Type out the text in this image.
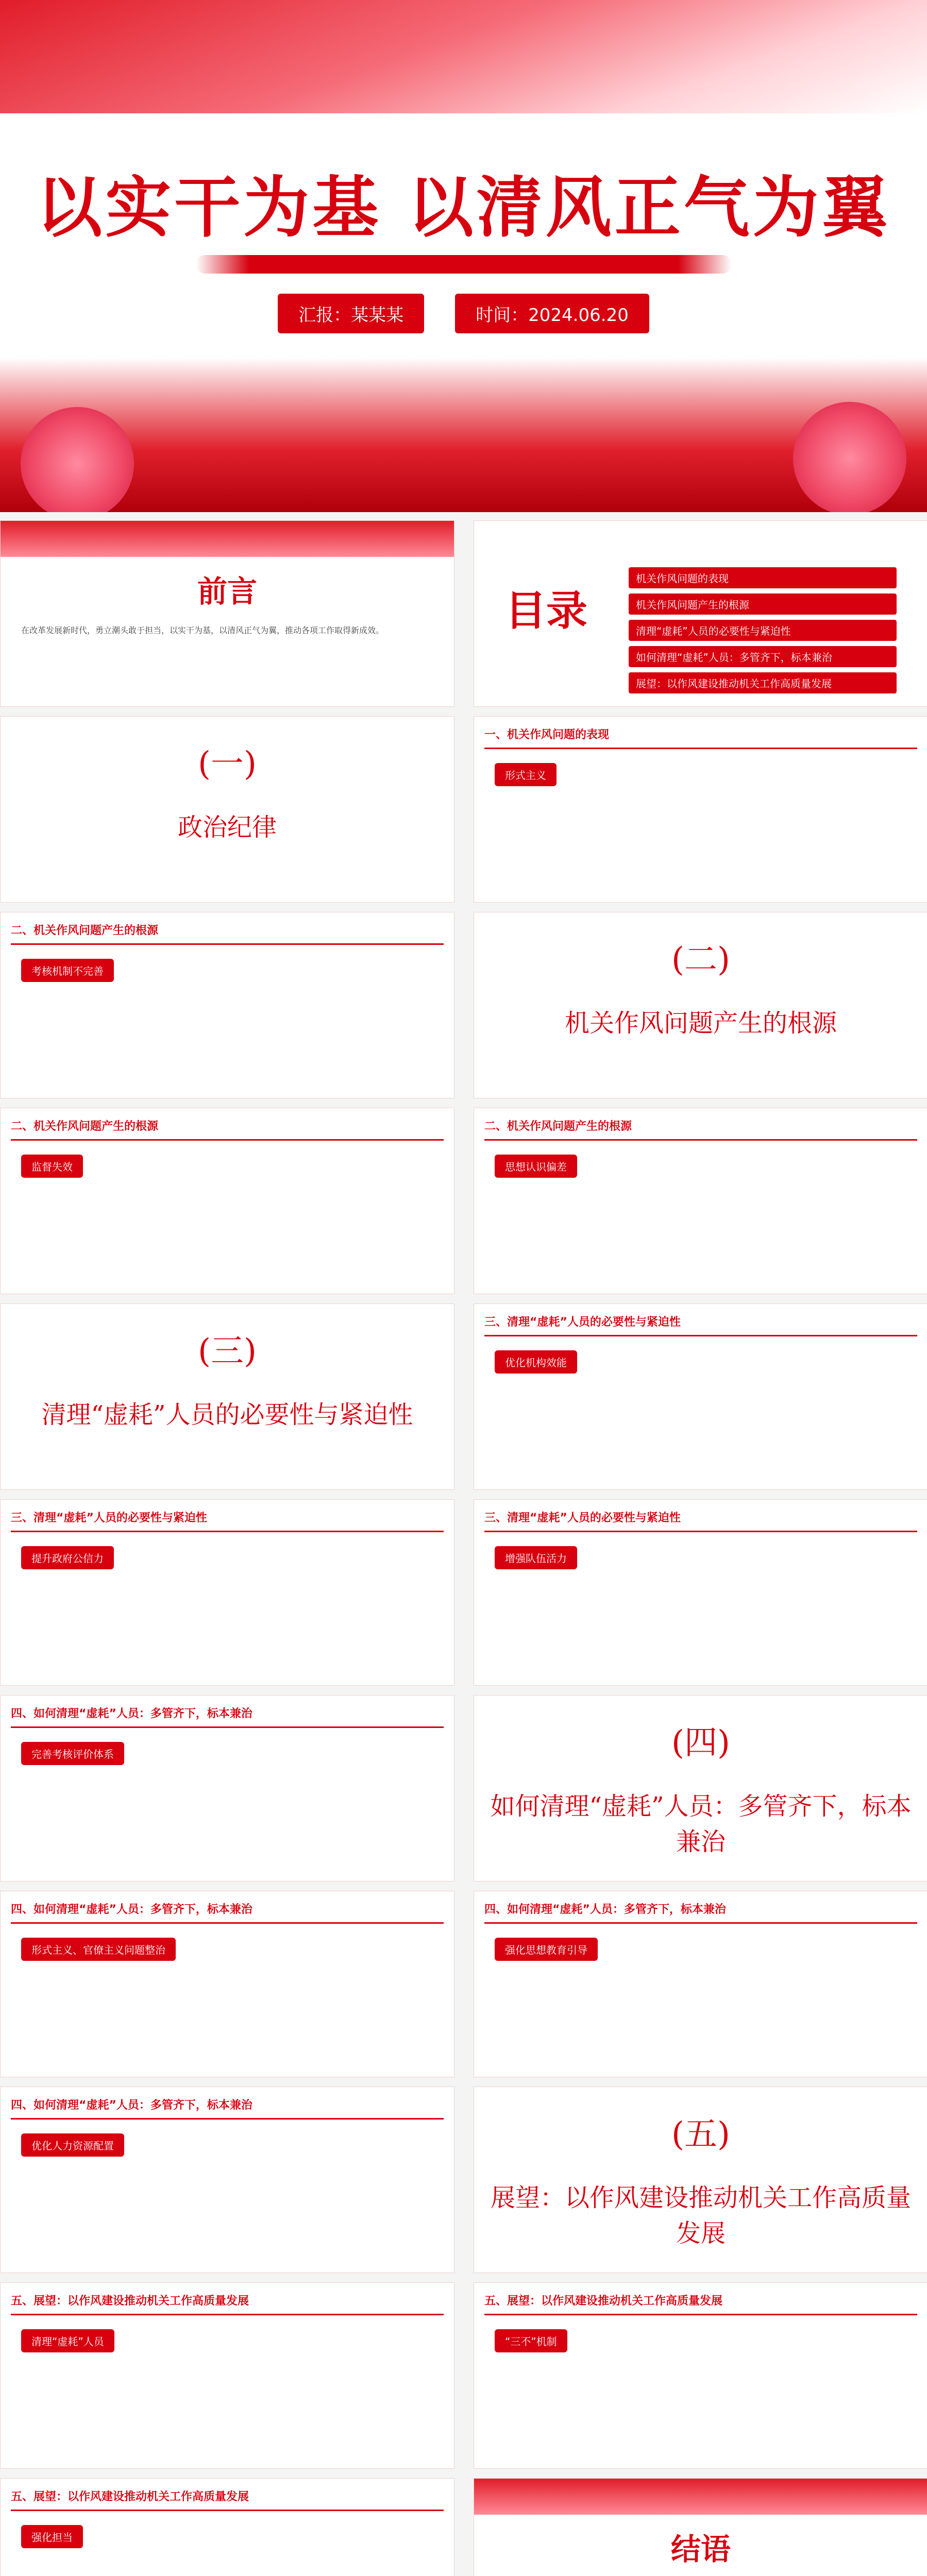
以实干为基 以清风正气为翼
汇报：某某某	时间：2024.06.20
前言
在改革发展新时代，勇立潮头敢于担当，以实干为基，以清风正气为翼，推动各项工作取得新成效。	目录
机关作风问题的表现
机关作风问题产生的根源
清理“虚耗”人员的必要性与紧迫性
如何清理“虚耗”人员：多管齐下，标本兼治
展望：以作风建设推动机关工作高质量发展
(一)
政治纪律
一、机关作风问题的表现
形式主义
二、机关作风问题产生的根源
考核机制不完善	(二)
机关作风问题产生的根源
二、机关作风问题产生的根源
监督失效
二、机关作风问题产生的根源
思想认识偏差
(三)
清理“虚耗”人员的必要性与紧迫性
三、清理“虚耗”人员的必要性与紧迫性
优化机构效能
三、清理“虚耗”人员的必要性与紧迫性
提升政府公信力
三、清理“虚耗”人员的必要性与紧迫性
增强队伍活力
四、如何清理“虚耗”人员：多管齐下，标本兼治
完善考核评价体系	(四)
如何清理“虚耗”人员：多管齐下，标本兼治
四、如何清理“虚耗”人员：多管齐下，标本兼治
形式主义、官僚主义问题整治
四、如何清理“虚耗”人员：多管齐下，标本兼治
强化思想教育引导
四、如何清理“虚耗”人员：多管齐下，标本兼治
优化人力资源配置	(五)
展望：以作风建设推动机关工作高质量发展
五、展望：以作风建设推动机关工作高质量发展
清理“虚耗”人员
五、展望：以作风建设推动机关工作高质量发展
“三不”机制
五、展望：以作风建设推动机关工作高质量发展
强化担当	结语
